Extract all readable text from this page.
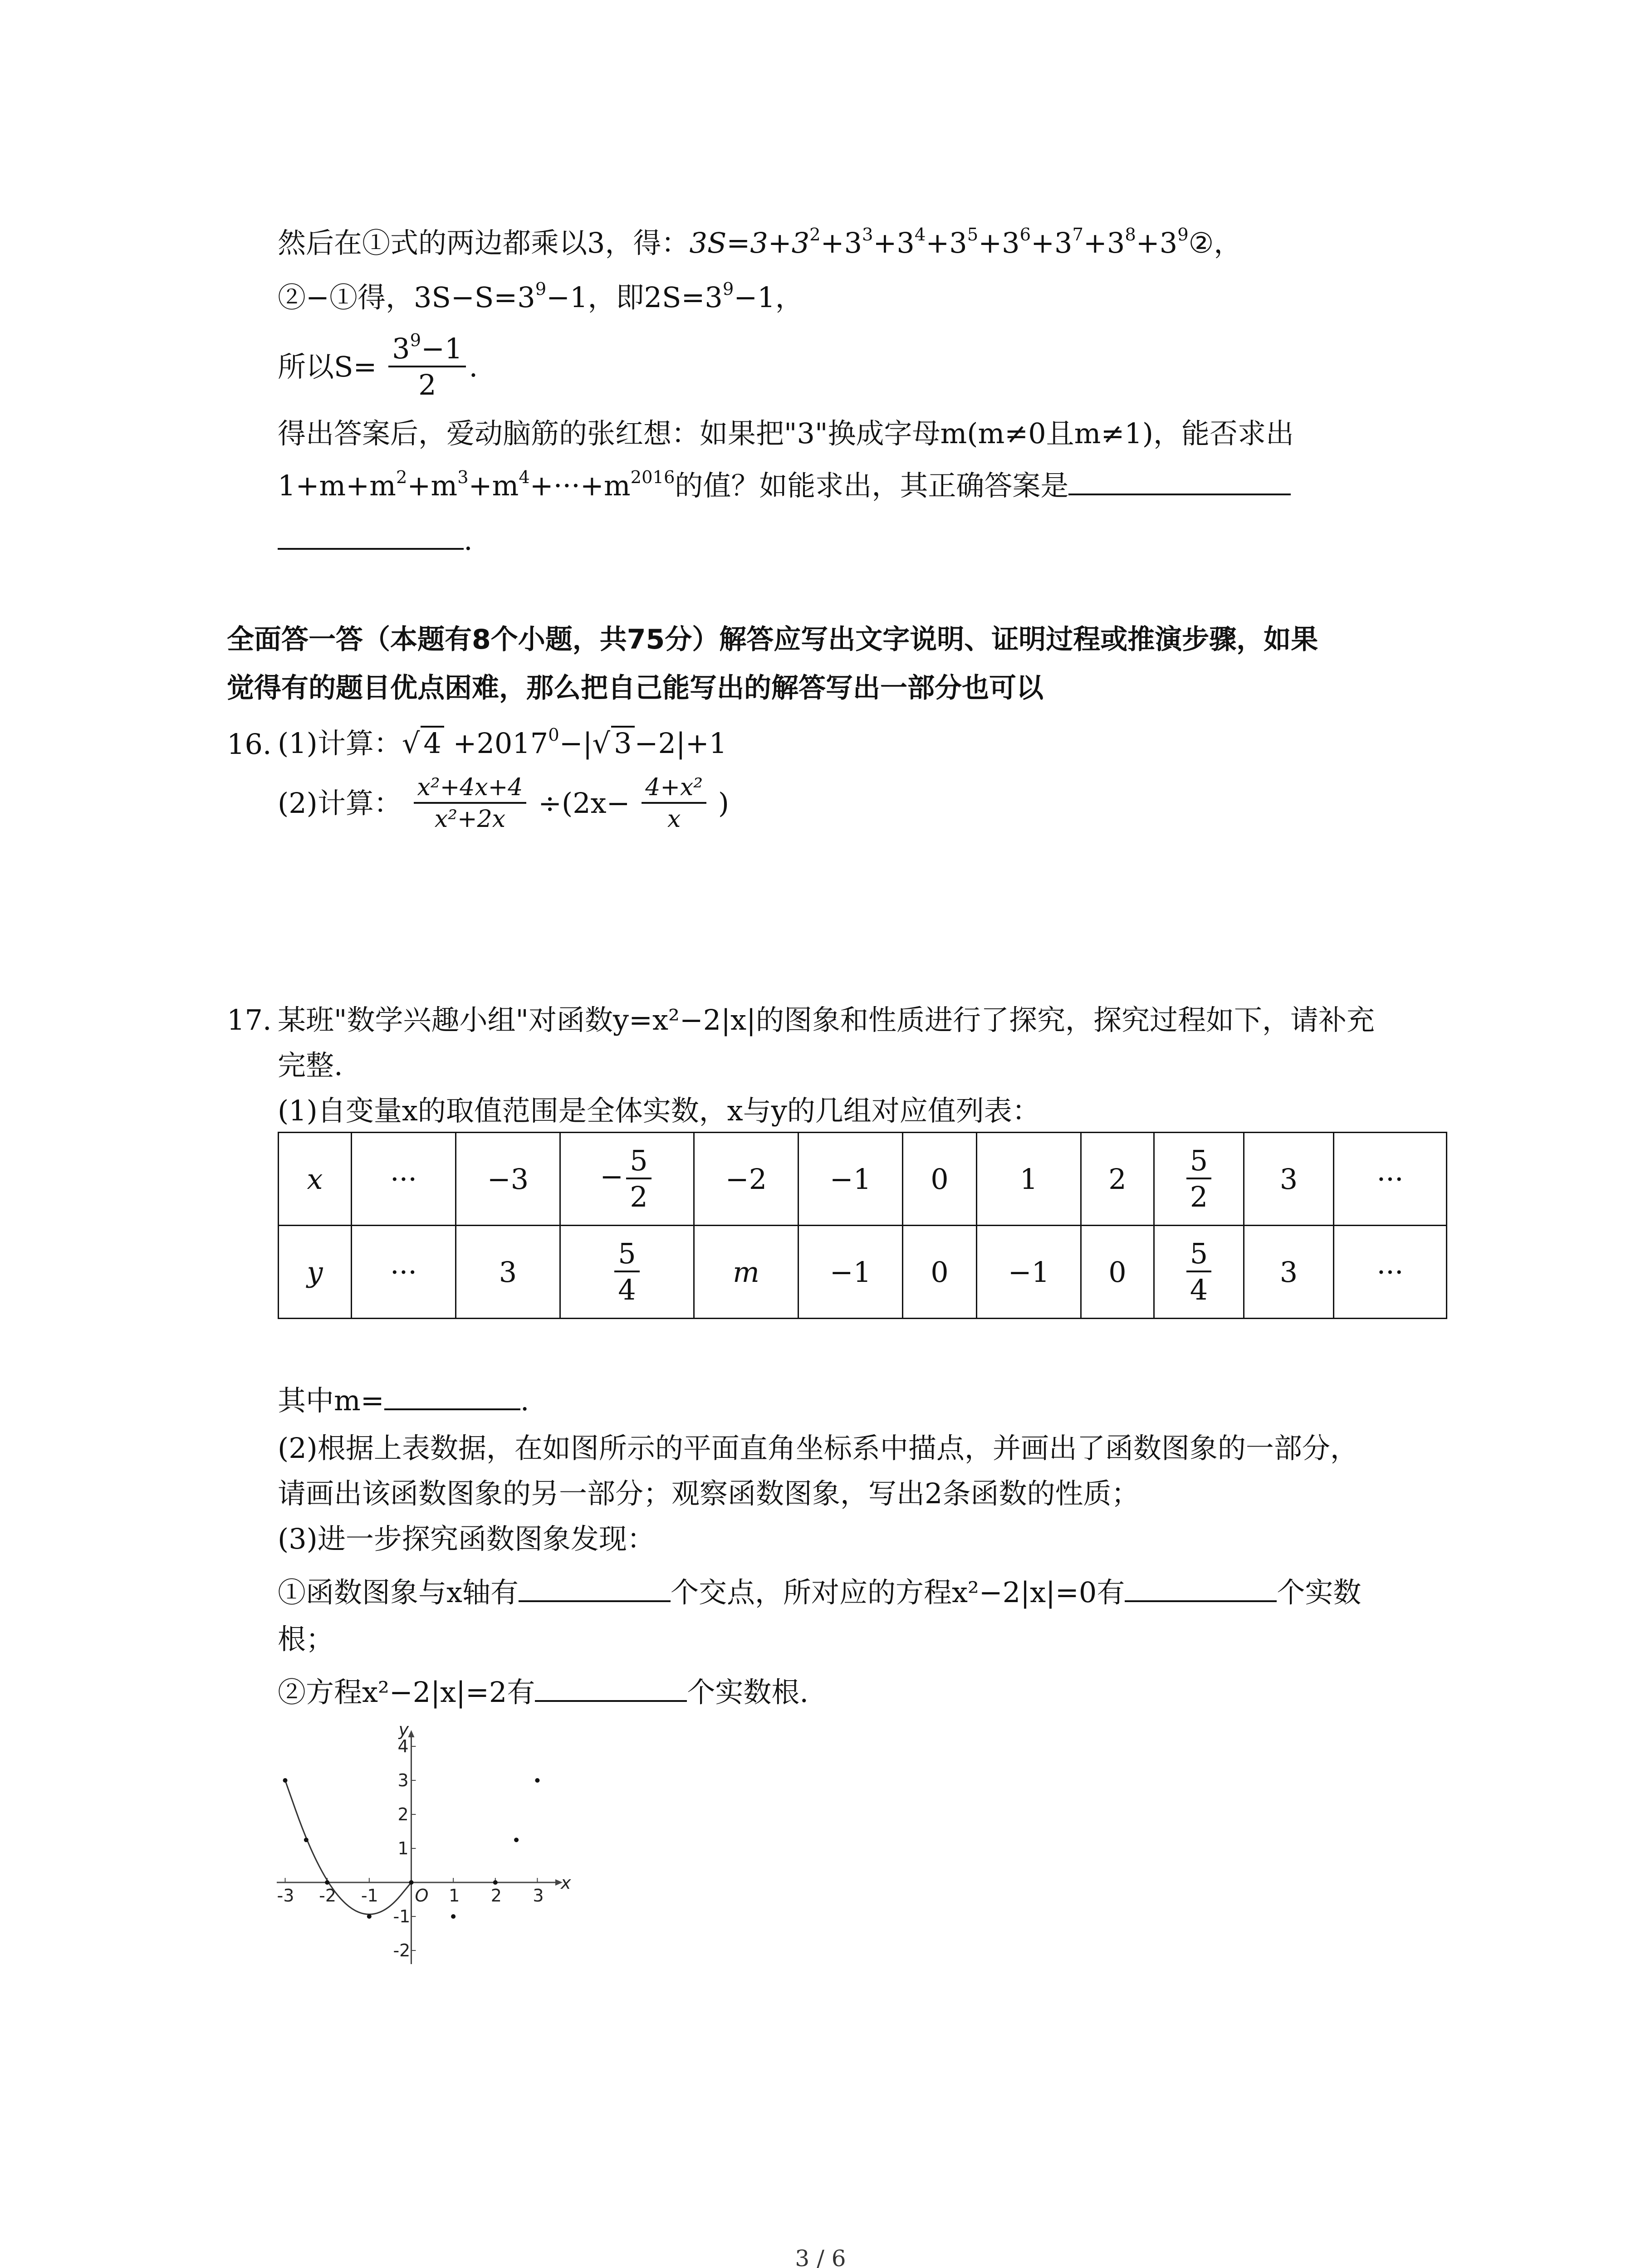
然后在①式的两边都乘以3，得：$3S=3+3^2+3^3+3^4+3^5+3^6+3^7+3^8+3^9②$，
②−①得，$3S-S=3^9-1$，即$2S=3^9-1$，
所以$S= \frac{3^9-1}{2}$ .
得出答案后，爱动脑筋的张红想：如果把"3"换成字母m(m≠0且m≠1)，能否求出
$1+m+m^2+m^3+m^4+\cdot\cdot\cdot+m^{2016}$的值？如能求出，其正确答案是
.
全面答一答（本题有8个小题，共75分）解答应写出文字说明、证明过程或推演步骤，如果
觉得有的题目优点困难，那么把自己能写出的解答写出一部分也可以
16. (1)计算：√ $4 +2017^0-|√$ 3−2|+1
(2)计算： $\frac{\text{x²+4x+4}}{\text{x²+2x}} \div(2x- \frac{\text{4+x²}}{x}$ )
17. 某班"数学兴趣小组"对函数y=x²−2|x|的图象和性质进行了探究，探究过程如下，请补充
完整.
(1)自变量x的取值范围是全体实数，x与y的几组对应值列表：
x	···	−3	− $\frac{5}{2}$	−2	−1	0	1	2	$\frac{5}{2}$	3	···
y	···	3	$\frac{5}{4}$	m	−1	0	−1	0	$\frac{5}{4}$	3	···
其中m=	.
(2)根据上表数据，在如图所示的平面直角坐标系中描点，并画出了函数图象的一部分，
请画出该函数图象的另一部分；观察函数图象，写出2条函数的性质；
(3)进一步探究函数图象发现：
①函数图象与x轴有	个交点，所对应的方程x²−2|x|=0有	个实数
根；
②方程x²−2|x|=2有	个实数根.
x
y
O
-3 -2 -1	1 2 3
4
3
2
1
-1
-2
3 / 6
